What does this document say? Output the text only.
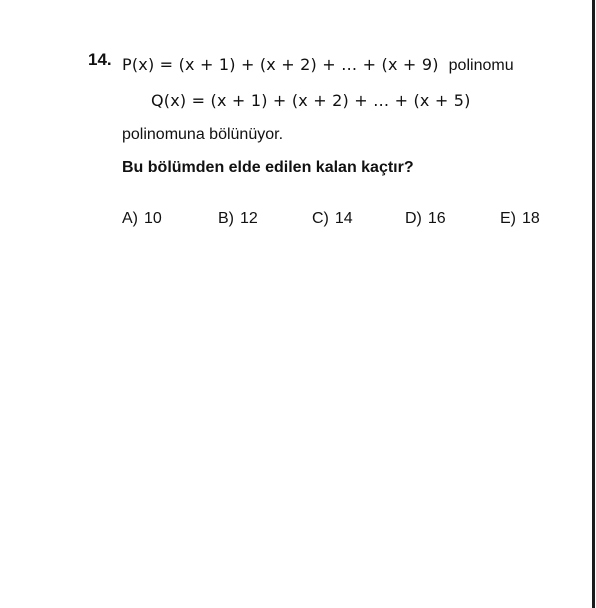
14. P(x) = (x + 1) + (x + 2) + … + (x + 9) polinomu
Q(x) = (x + 1) + (x + 2) + … + (x + 5)
polinomuna bölünüyor.
Bu bölümden elde edilen kalan kaçtır?
A) 10	B) 12	C) 14	D) 16	E) 18
